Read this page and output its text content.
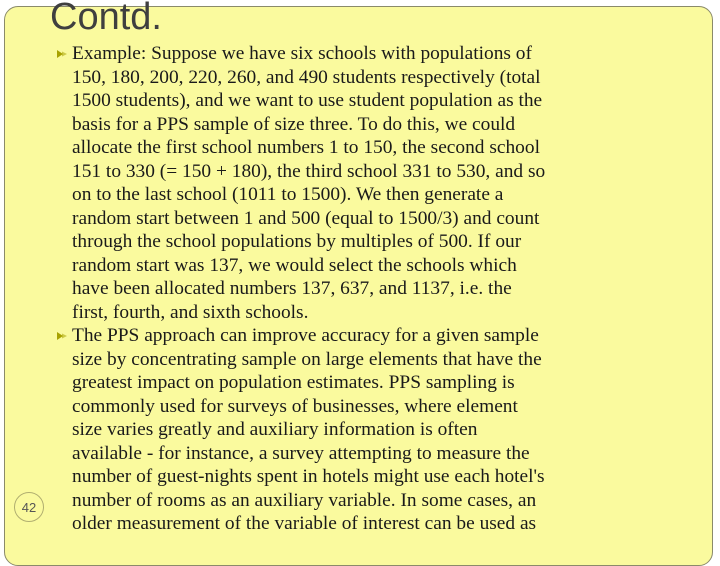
Contd.
Example: Suppose we have six schools with populations of
150, 180, 200, 220, 260, and 490 students respectively (total
1500 students), and we want to use student population as the
basis for a PPS sample of size three. To do this, we could
allocate the first school numbers 1 to 150, the second school
151 to 330 (= 150 + 180), the third school 331 to 530, and so
on to the last school (1011 to 1500). We then generate a
random start between 1 and 500 (equal to 1500/3) and count
through the school populations by multiples of 500. If our
random start was 137, we would select the schools which
have been allocated numbers 137, 637, and 1137, i.e. the
first, fourth, and sixth schools.
The PPS approach can improve accuracy for a given sample
size by concentrating sample on large elements that have the
greatest impact on population estimates. PPS sampling is
commonly used for surveys of businesses, where element
size varies greatly and auxiliary information is often
available - for instance, a survey attempting to measure the
number of guest-nights spent in hotels might use each hotel's
number of rooms as an auxiliary variable. In some cases, an
older measurement of the variable of interest can be used as
42
